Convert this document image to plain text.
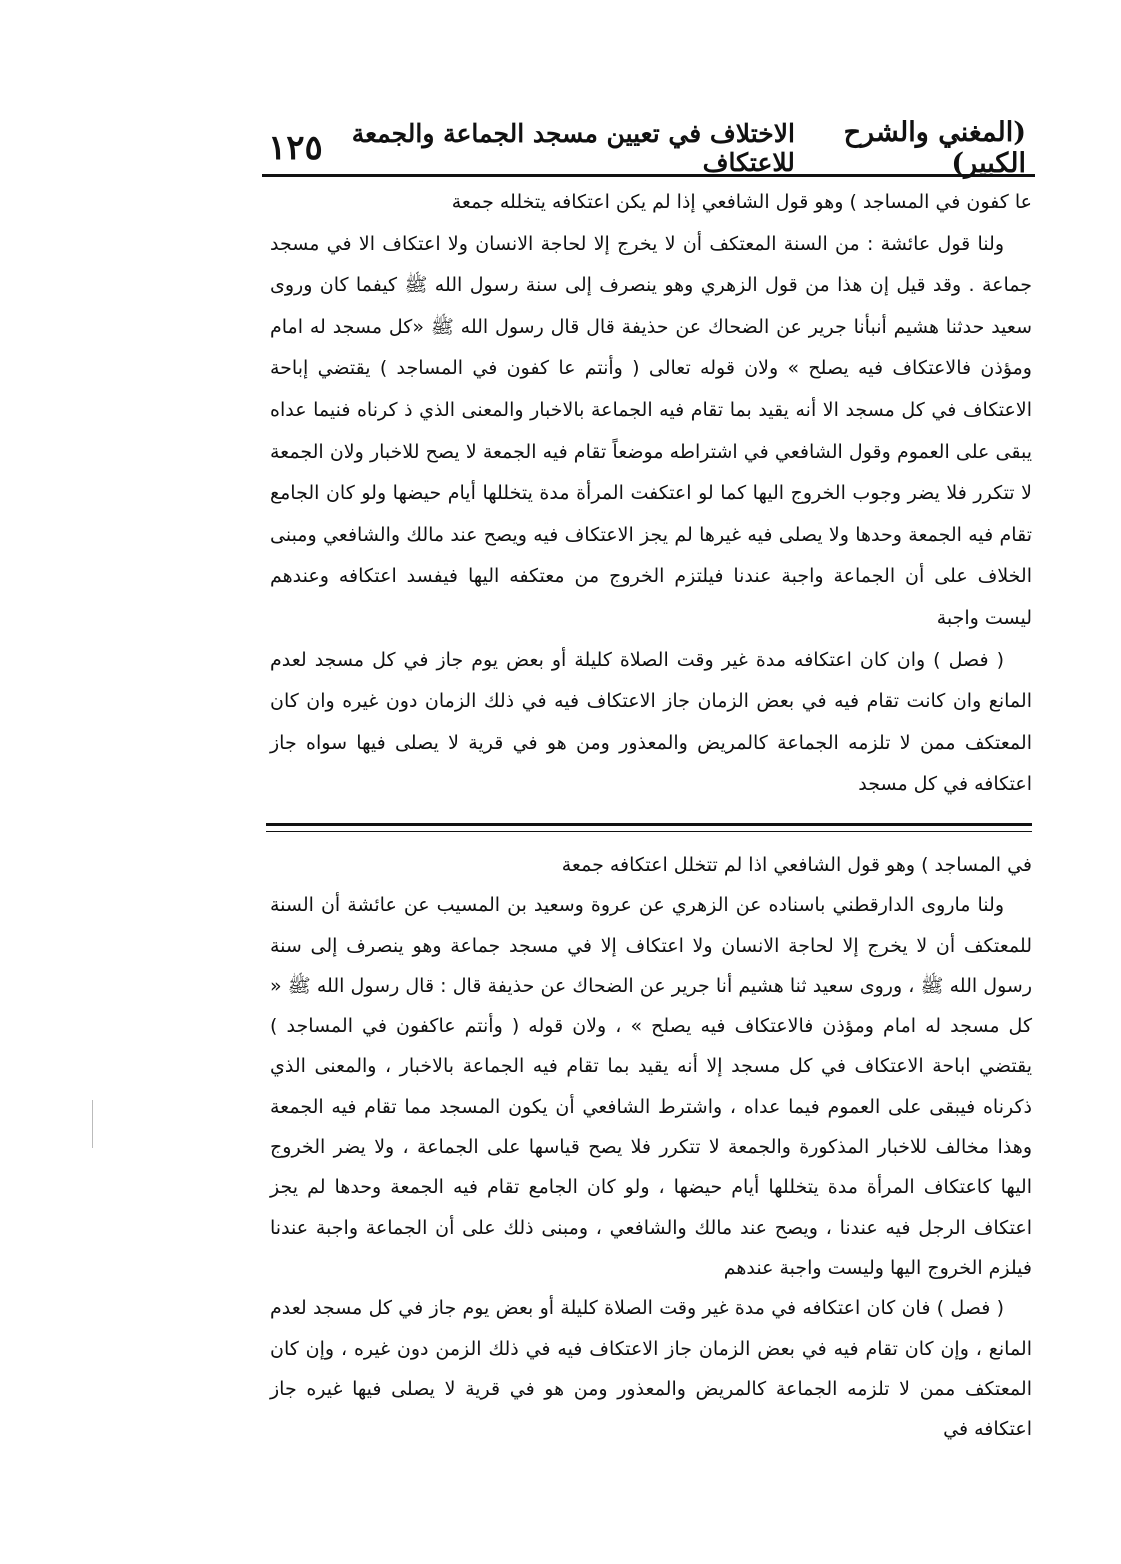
(المغني والشرح الكبير)
الاختلاف في تعيين مسجد الجماعة والجمعة للاعتكاف
١٢٥

عا كفون في المساجد ) وهو قول الشافعي إذا لم يكن اعتكافه يتخلله جمعة

ولنا قول عائشة : من السنة المعتكف أن لا يخرج إلا لحاجة الانسان ولا اعتكاف الا في مسجد جماعة . وقد قيل إن هذا من قول الزهري وهو ينصرف إلى سنة رسول الله ﷺ كيفما كان وروى سعيد حدثنا هشيم أنبأنا جرير عن الضحاك عن حذيفة قال قال رسول الله ﷺ «كل مسجد له امام ومؤذن فالاعتكاف فيه يصلح » ولان قوله تعالى ( وأنتم عا كفون في المساجد ) يقتضي إباحة الاعتكاف في كل مسجد الا أنه يقيد بما تقام فيه الجماعة بالاخبار والمعنى الذي ذ كرناه فنيما عداه يبقى على العموم وقول الشافعي في اشتراطه موضعاً تقام فيه الجمعة لا يصح للاخبار ولان الجمعة لا تتكرر فلا يضر وجوب الخروج اليها كما لو اعتكفت المرأة مدة يتخللها أيام حيضها ولو كان الجامع تقام فيه الجمعة وحدها ولا يصلى فيه غيرها لم يجز الاعتكاف فيه ويصح عند مالك والشافعي ومبنى الخلاف على أن الجماعة واجبة عندنا فيلتزم الخروج من معتكفه اليها فيفسد اعتكافه وعندهم ليست واجبة

( فصل ) وان كان اعتكافه مدة غير وقت الصلاة كليلة أو بعض يوم جاز في كل مسجد لعدم المانع وان كانت تقام فيه في بعض الزمان جاز الاعتكاف فيه في ذلك الزمان دون غيره وان كان المعتكف ممن لا تلزمه الجماعة كالمريض والمعذور ومن هو في قرية لا يصلى فيها سواه جاز اعتكافه في كل مسجد

في المساجد ) وهو قول الشافعي اذا لم تتخلل اعتكافه جمعة

ولنا ماروى الدارقطني باسناده عن الزهري عن عروة وسعيد بن المسيب عن عائشة أن السنة للمعتكف أن لا يخرج إلا لحاجة الانسان ولا اعتكاف إلا في مسجد جماعة وهو ينصرف إلى سنة رسول الله ﷺ ، وروى سعيد ثنا هشيم أنا جرير عن الضحاك عن حذيفة قال : قال رسول الله ﷺ « كل مسجد له امام ومؤذن فالاعتكاف فيه يصلح » ، ولان قوله ( وأنتم عاكفون في المساجد ) يقتضي اباحة الاعتكاف في كل مسجد إلا أنه يقيد بما تقام فيه الجماعة بالاخبار ، والمعنى الذي ذكرناه فيبقى على العموم فيما عداه ، واشترط الشافعي أن يكون المسجد مما تقام فيه الجمعة وهذا مخالف للاخبار المذكورة والجمعة لا تتكرر فلا يصح قياسها على الجماعة ، ولا يضر الخروج اليها كاعتكاف المرأة مدة يتخللها أيام حيضها ، ولو كان الجامع تقام فيه الجمعة وحدها لم يجز اعتكاف الرجل فيه عندنا ، ويصح عند مالك والشافعي ، ومبنى ذلك على أن الجماعة واجبة عندنا فيلزم الخروج اليها وليست واجبة عندهم

( فصل ) فان كان اعتكافه في مدة غير وقت الصلاة كليلة أو بعض يوم جاز في كل مسجد لعدم المانع ، وإن كان تقام فيه في بعض الزمان جاز الاعتكاف فيه في ذلك الزمن دون غيره ، وإن كان المعتكف ممن لا تلزمه الجماعة كالمريض والمعذور ومن هو في قرية لا يصلى فيها غيره جاز اعتكافه في
